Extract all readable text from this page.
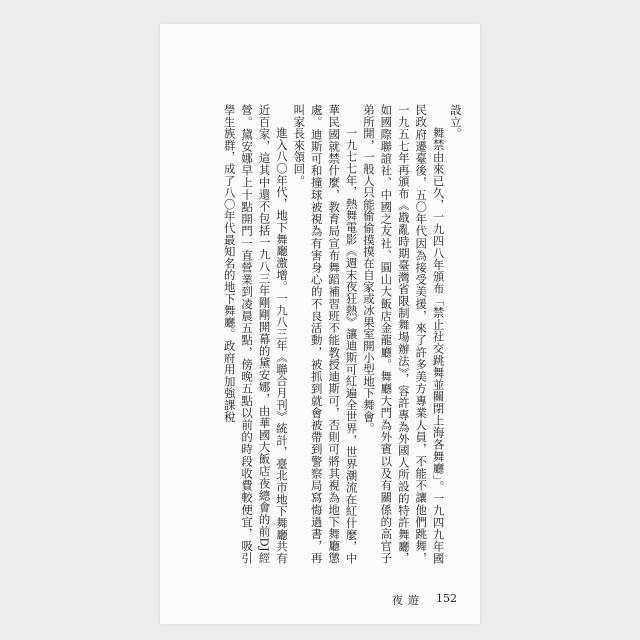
設立。

舞禁由來已久，一九四八年頒布「禁止社交跳舞並關閉上海各舞廳」。一九四九年國民政府遷臺後，五〇年代因為接受美援，來了許多美方專業人員，不能不讓他們跳舞，一九五七年再頒布《戡亂時期臺灣省限制舞場辦法》，容許專為外國人所設的特許舞廳，如國際聯誼社、中國之友社、圓山大飯店金龍廳。舞廳大門為外賓以及有關係的高官子弟所開，一般人只能偷偷摸摸在自家或冰果室開小型地下舞會。

一九七七年，熱舞電影《週末夜狂熱》讓迪斯可紅遍全世界，世界潮流在紅什麼，中華民國就禁什麼，教育局宣布舞蹈補習班不能教授迪斯可，否則可將其視為地下舞廳懲處。迪斯可和撞球被視為有害身心的不良活動，被抓到就會被帶到警察局寫悔過書，再叫家長來領回。

進入八〇年代，地下舞廳激增。一九八三年《聯合月刊》統計，臺北市地下舞廳共有近百家，這其中還不包括一九八三年剛剛開幕的黛安娜，由華國大飯店夜總會的前DJ經營。黛安娜早上十點開門一直營業到凌晨五點，傍晚五點以前的時段收費較便宜，吸引學生族群，成了八〇年代最知名的地下舞廳。政府用加強課稅

夜遊 152
